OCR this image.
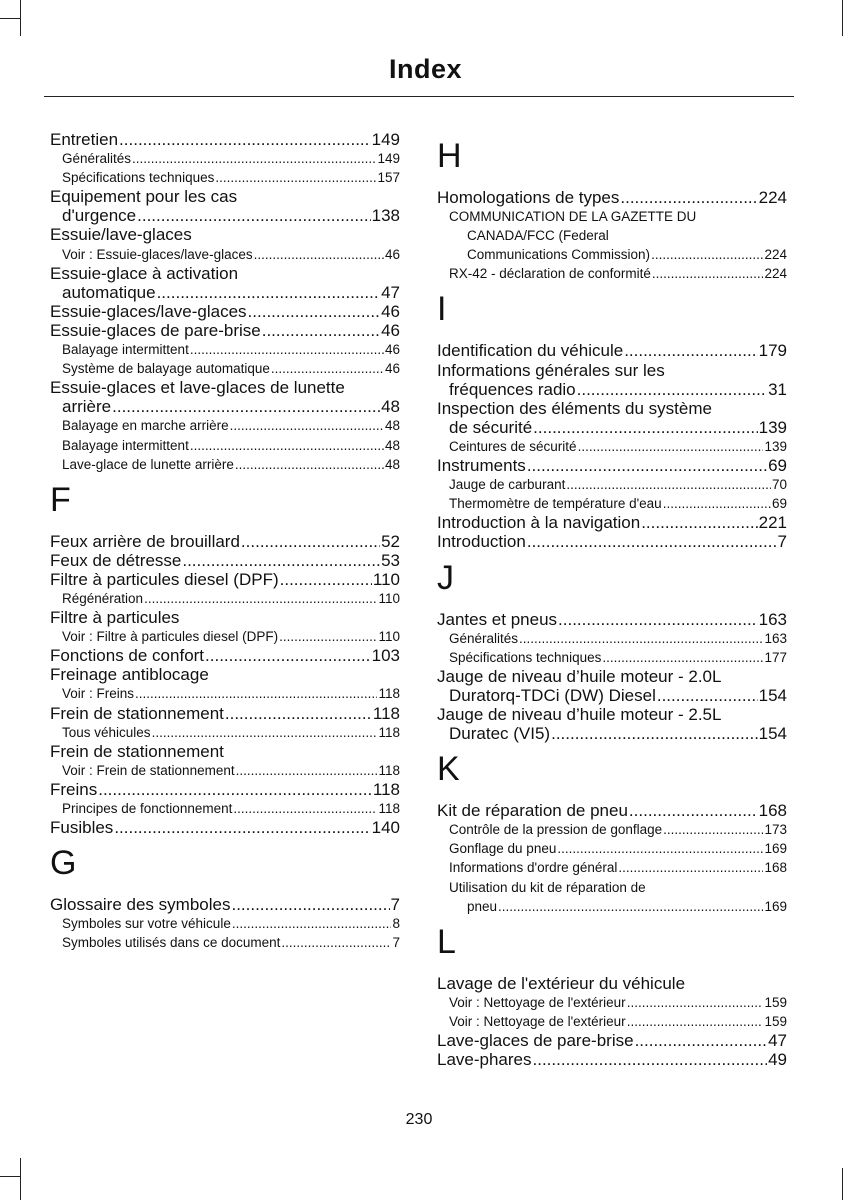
Index
Entretien .....	149
Généralités .....	149
Spécifications techniques .....	157
Equipement pour les cas
d'urgence .....	138
Essuie/lave-glaces
Voir : Essuie-glaces/lave-glaces .....	46
Essuie-glace à activation
automatique .....	47
Essuie-glaces/lave-glaces .....	46
Essuie-glaces de pare-brise .....	46
Balayage intermittent .....	46
Système de balayage automatique .....	46
Essuie-glaces et lave-glaces de lunette
arrière .....	48
Balayage en marche arrière .....	48
Balayage intermittent .....	48
Lave-glace de lunette arrière .....	48
F
Feux arrière de brouillard .....	52
Feux de détresse .....	53
Filtre à particules diesel (DPF) .....	110
Régénération .....	110
Filtre à particules
Voir : Filtre à particules diesel (DPF) .....	110
Fonctions de confort .....	103
Freinage antiblocage
Voir : Freins .....	118
Frein de stationnement .....	118
Tous véhicules .....	118
Frein de stationnement
Voir : Frein de stationnement .....	118
Freins .....	118
Principes de fonctionnement .....	118
Fusibles .....	140
G
Glossaire des symboles .....	7
Symboles sur votre véhicule .....	8
Symboles utilisés dans ce document .....	7
H
Homologations de types .....	224
COMMUNICATION DE LA GAZETTE DU
CANADA/FCC (Federal
Communications Commission) .....	224
RX-42 - déclaration de conformité .....	224
I
Identification du véhicule .....	179
Informations générales sur les
fréquences radio .....	31
Inspection des éléments du système
de sécurité .....	139
Ceintures de sécurité .....	139
Instruments .....	69
Jauge de carburant .....	70
Thermomètre de température d'eau .....	69
Introduction à la navigation .....	221
Introduction .....	7
J
Jantes et pneus .....	163
Généralités .....	163
Spécifications techniques .....	177
Jauge de niveau d’huile moteur - 2.0L
Duratorq-TDCi (DW) Diesel .....	154
Jauge de niveau d’huile moteur - 2.5L
Duratec (VI5) .....	154
K
Kit de réparation de pneu .....	168
Contrôle de la pression de gonflage .....	173
Gonflage du pneu .....	169
Informations d'ordre général .....	168
Utilisation du kit de réparation de
pneu .....	169
L
Lavage de l'extérieur du véhicule
Voir : Nettoyage de l'extérieur .....	159
Voir : Nettoyage de l'extérieur .....	159
Lave-glaces de pare-brise .....	47
Lave-phares .....	49
230
